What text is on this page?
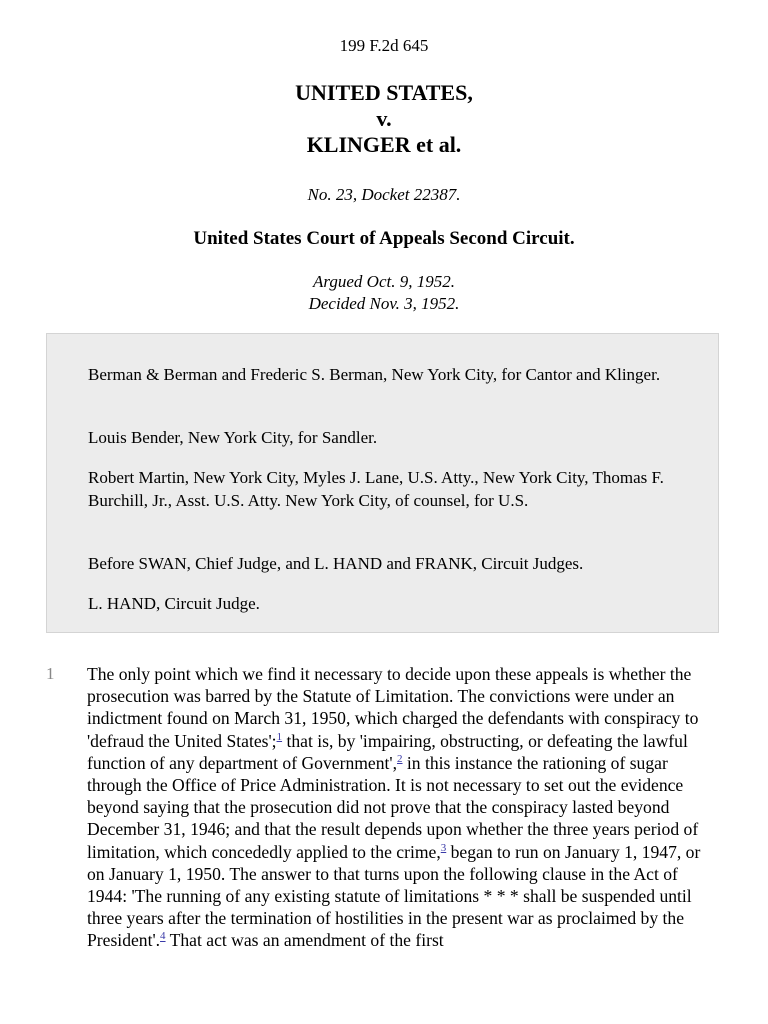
199 F.2d 645
UNITED STATES,
v.
KLINGER et al.
No. 23, Docket 22387.
United States Court of Appeals Second Circuit.
Argued Oct. 9, 1952.
Decided Nov. 3, 1952.

Berman & Berman and Frederic S. Berman, New York City, for Cantor and Klinger.

Louis Bender, New York City, for Sandler.

Robert Martin, New York City, Myles J. Lane, U.S. Atty., New York City, Thomas F. Burchill, Jr., Asst. U.S. Atty. New York City, of counsel, for U.S.

Before SWAN, Chief Judge, and L. HAND and FRANK, Circuit Judges.

L. HAND, Circuit Judge.

1 The only point which we find it necessary to decide upon these appeals is whether the prosecution was barred by the Statute of Limitation. The convictions were under an indictment found on March 31, 1950, which charged the defendants with conspiracy to 'defraud the United States';$^1$ that is, by 'impairing, obstructing, or defeating the lawful function of any department of Government',$^2$ in this instance the rationing of sugar through the Office of Price Administration. It is not necessary to set out the evidence beyond saying that the prosecution did not prove that the conspiracy lasted beyond December 31, 1946; and that the result depends upon whether the three years period of limitation, which concededly applied to the crime,$^3$ began to run on January 1, 1947, or on January 1, 1950. The answer to that turns upon the following clause in the Act of 1944: 'The running of any existing statute of limitations * * * shall be suspended until three years after the termination of hostilities in the present war as proclaimed by the President'.$^4$ That act was an amendment of the first
